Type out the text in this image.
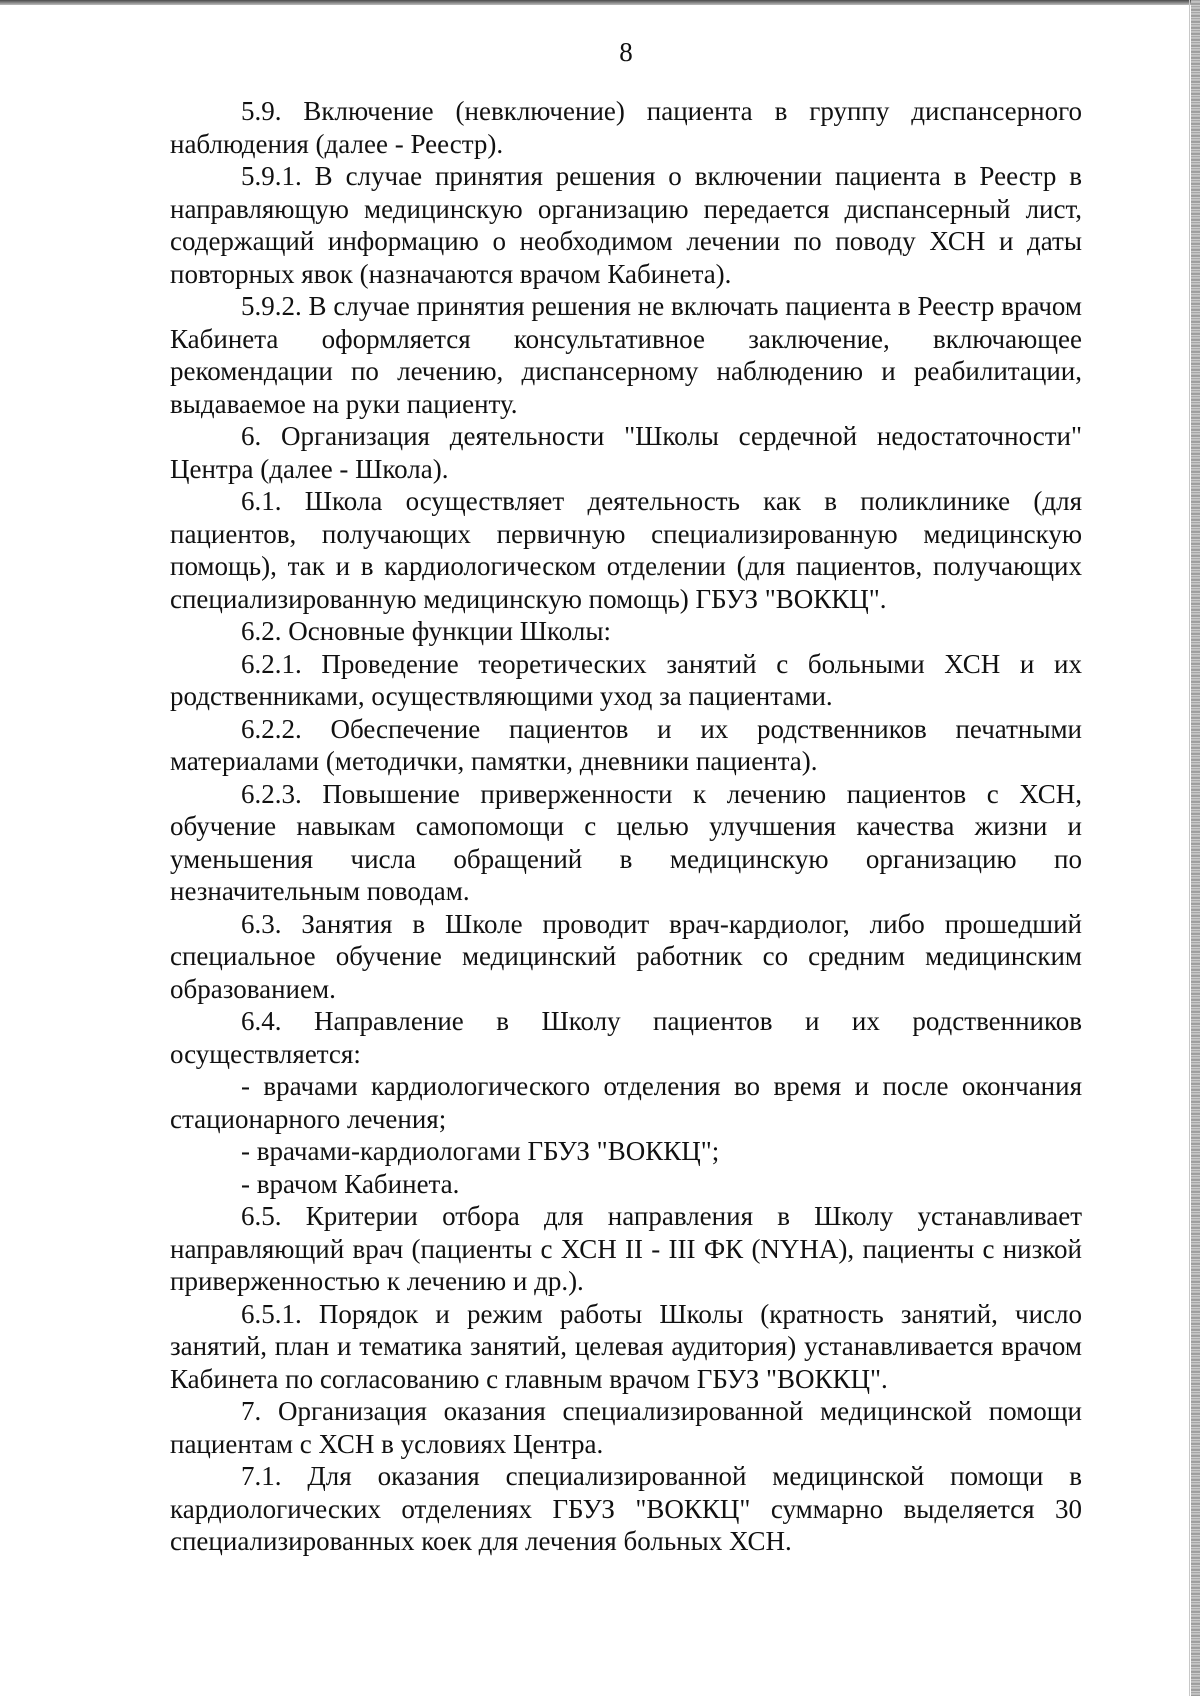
8

5.9. Включение (невключение) пациента в группу диспансерного наблюдения (далее - Реестр).

5.9.1. В случае принятия решения о включении пациента в Реестр в направляющую медицинскую организацию передается диспансерный лист, содержащий информацию о необходимом лечении по поводу ХСН и даты повторных явок (назначаются врачом Кабинета).

5.9.2. В случае принятия решения не включать пациента в Реестр врачом Кабинета оформляется консультативное заключение, включающее рекомендации по лечению, диспансерному наблюдению и реабилитации, выдаваемое на руки пациенту.

6. Организация деятельности "Школы сердечной недостаточности" Центра (далее - Школа).

6.1. Школа осуществляет деятельность как в поликлинике (для пациентов, получающих первичную специализированную медицинскую помощь), так и в кардиологическом отделении (для пациентов, получающих специализированную медицинскую помощь) ГБУЗ "ВОККЦ".

6.2. Основные функции Школы:

6.2.1. Проведение теоретических занятий с больными ХСН и их родственниками, осуществляющими уход за пациентами.

6.2.2. Обеспечение пациентов и их родственников печатными материалами (методички, памятки, дневники пациента).

6.2.3. Повышение приверженности к лечению пациентов с ХСН, обучение навыкам самопомощи с целью улучшения качества жизни и уменьшения числа обращений в медицинскую организацию по незначительным поводам.

6.3. Занятия в Школе проводит врач-кардиолог, либо прошедший специальное обучение медицинский работник со средним медицинским образованием.

6.4. Направление в Школу пациентов и их родственников осуществляется:

- врачами кардиологического отделения во время и после окончания стационарного лечения;

- врачами-кардиологами ГБУЗ "ВОККЦ";

- врачом Кабинета.

6.5. Критерии отбора для направления в Школу устанавливает направляющий врач (пациенты с ХСН II - III ФК (NYHA), пациенты с низкой приверженностью к лечению и др.).

6.5.1. Порядок и режим работы Школы (кратность занятий, число занятий, план и тематика занятий, целевая аудитория) устанавливается врачом Кабинета по согласованию с главным врачом ГБУЗ "ВОККЦ".

7. Организация оказания специализированной медицинской помощи пациентам с ХСН в условиях Центра.

7.1. Для оказания специализированной медицинской помощи в кардиологических отделениях ГБУЗ "ВОККЦ" суммарно выделяется 30 специализированных коек для лечения больных ХСН.
